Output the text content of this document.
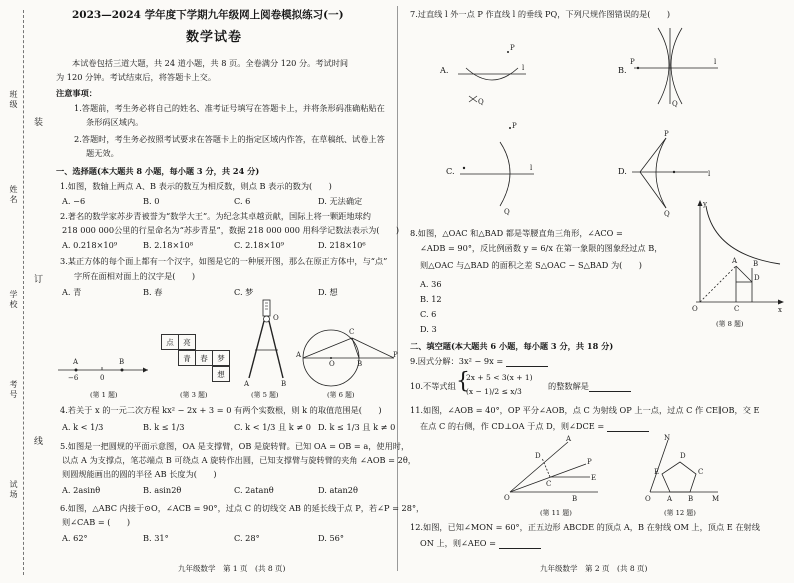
班级
姓名
学校
考号
试场
装
订
线
2023—2024 学年度下学期九年级网上阅卷模拟练习(一)
数学试卷
本试卷包括三道大题，共 24 道小题，共 8 页。全卷满分 120 分。考试时间
为 120 分钟。考试结束后，将答题卡上交。
注意事项：
1.答题前，考生务必将自己的姓名、准考证号填写在答题卡上，并将条形码准确粘贴在
条形码区域内。
2.答题时，考生务必按照考试要求在答题卡上的指定区域内作答，在草稿纸、试卷上答
题无效。
一、选择题(本大题共 8 小题，每小题 3 分，共 24 分)
1.如图，数轴上两点 A、B 表示的数互为相反数，则点 B 表示的数为(　　)
A. −6	B. 0	C. 6	D. 无法确定
2.著名的数学家苏步青被誉为“数学大王”。为纪念其卓越贡献，国际上将一颗距地球约
218 000 000公里的行星命名为“苏步青星”，数据 218 000 000 用科学记数法表示为(　　)
A. 0.218×10⁹	B. 2.18×10⁸	C. 2.18×10⁹	D. 218×10⁶
3.某正方体的每个面上都有一个汉字，如图是它的一种展开图，那么在原正方体中，与“点”
字所在面相对面上的汉字是(　　)
A. 青	B. 春	C. 梦	D. 想
A	B
−6	0
(第 1 题)
点	亮
青	春	梦
想
(第 3 题)
O
A	B
(第 5 题)
A
B
C
O
P
(第 6 题)
4.若关于 x 的一元二次方程 kx² − 2x + 3 = 0 有两个实数根，则 k 的取值范围是(　　)
A. k < 1/3	B. k ≤ 1/3	C. k < 1/3 且 k ≠ 0 D. k ≤ 1/3 且 k ≠ 0
5.如图是一把圆规的平面示意图，OA 是支撑臂，OB 是旋转臂。已知 OA = OB = a，使用时，
以点 A 为支撑点，笔芯端点 B 可绕点 A 旋转作出圆，已知支撑臂与旋转臂的夹角 ∠AOB = 2θ，
则圆规能画出的圆的半径 AB 长度为(　　)
A. 2asinθ	B. asin2θ	C. 2atanθ	D. atan2θ
6.如图，△ABC 内接于⊙O，∠ACB = 90°，过点 C 的切线交 AB 的延长线于点 P，若∠P = 28°，
则∠CAB = (　　)
A. 62°	B. 31°	C. 28°	D. 56°
九年级数学　第 1 页　(共 8 页)
7.过直线 l 外一点 P 作直线 l 的垂线 PQ，下列尺规作图错误的是(　　)
A.
P
Q
l	B.
P
Q
l
C.
P
Q
l	D.
P
Q
l
8.如图，△OAC 和△BAD 都是等腰直角三角形，∠ACO =
∠ADB = 90°，反比例函数 y = 6/x 在第一象限的图象经过点 B，
则△OAC 与△BAD 的面积之差 S△OAC − S△BAD 为(　　)
A. 36
B. 12
C. 6
D. 3
y
x
O
A B
C
D
(第 8 题)
二、填空题(本大题共 6 小题，每小题 3 分，共 18 分)
9.因式分解：3x² − 9x =
10.不等式组 {
2x + 5 < 3(x + 1)
(x − 1)/2 ≤ x/3
的整数解是
11.如图，∠AOB = 40°，OP 平分∠AOB，点 C 为射线 OP 上一点，过点 C 作 CE∥OB，交 E
在点 C 的右侧，作 CD⊥OA 于点 D，则∠DCE =
A
D
C
P
E
O	B
(第 11 题)
N
E
D
C
O A B	M
(第 12 题)
12.如图，已知∠MON = 60°，正五边形 ABCDE 的顶点 A，B 在射线 OM 上，顶点 E 在射线
ON 上，则∠AEO =
九年级数学　第 2 页　(共 8 页)
